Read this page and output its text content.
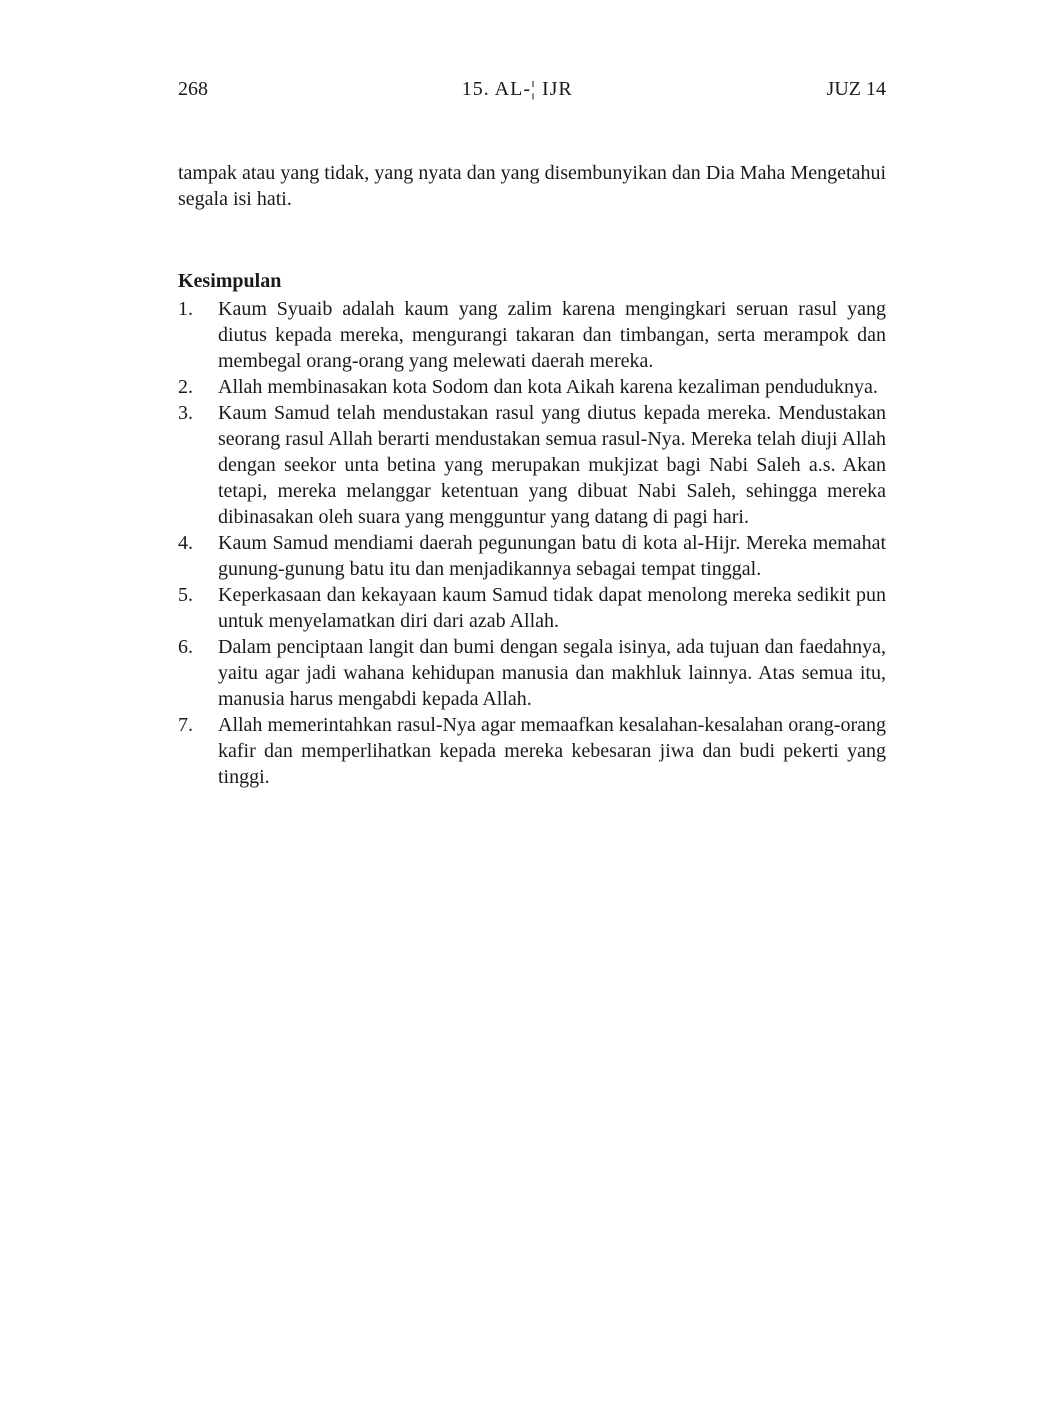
268	15. AL-¦ IJR	JUZ 14

tampak atau yang tidak, yang nyata dan yang disembunyikan dan Dia Maha Mengetahui segala isi hati.

Kesimpulan
1.	Kaum Syuaib adalah kaum yang zalim karena mengingkari seruan rasul yang diutus kepada mereka, mengurangi takaran dan timbangan, serta merampok dan membegal orang-orang yang melewati daerah mereka.
2.	Allah membinasakan kota Sodom dan kota Aikah karena kezaliman penduduknya.
3.	Kaum Samud telah mendustakan rasul yang diutus kepada mereka. Mendustakan seorang rasul Allah berarti mendustakan semua rasul-Nya. Mereka telah diuji Allah dengan seekor unta betina yang merupakan mukjizat bagi Nabi Saleh a.s. Akan tetapi, mereka melanggar ketentuan yang dibuat Nabi Saleh, sehingga mereka dibinasakan oleh suara yang mengguntur yang datang di pagi hari.
4.	Kaum Samud mendiami daerah pegunungan batu di kota al-Hijr. Mereka memahat gunung-gunung batu itu dan menjadikannya sebagai tempat tinggal.
5.	Keperkasaan dan kekayaan kaum Samud tidak dapat menolong mereka sedikit pun untuk menyelamatkan diri dari azab Allah.
6.	Dalam penciptaan langit dan bumi dengan segala isinya, ada tujuan dan faedahnya, yaitu agar jadi wahana kehidupan manusia dan makhluk lainnya. Atas semua itu, manusia harus mengabdi kepada Allah.
7.	Allah memerintahkan rasul-Nya agar memaafkan kesalahan-kesalahan orang-orang kafir dan memperlihatkan kepada mereka kebesaran jiwa dan budi pekerti yang tinggi.
